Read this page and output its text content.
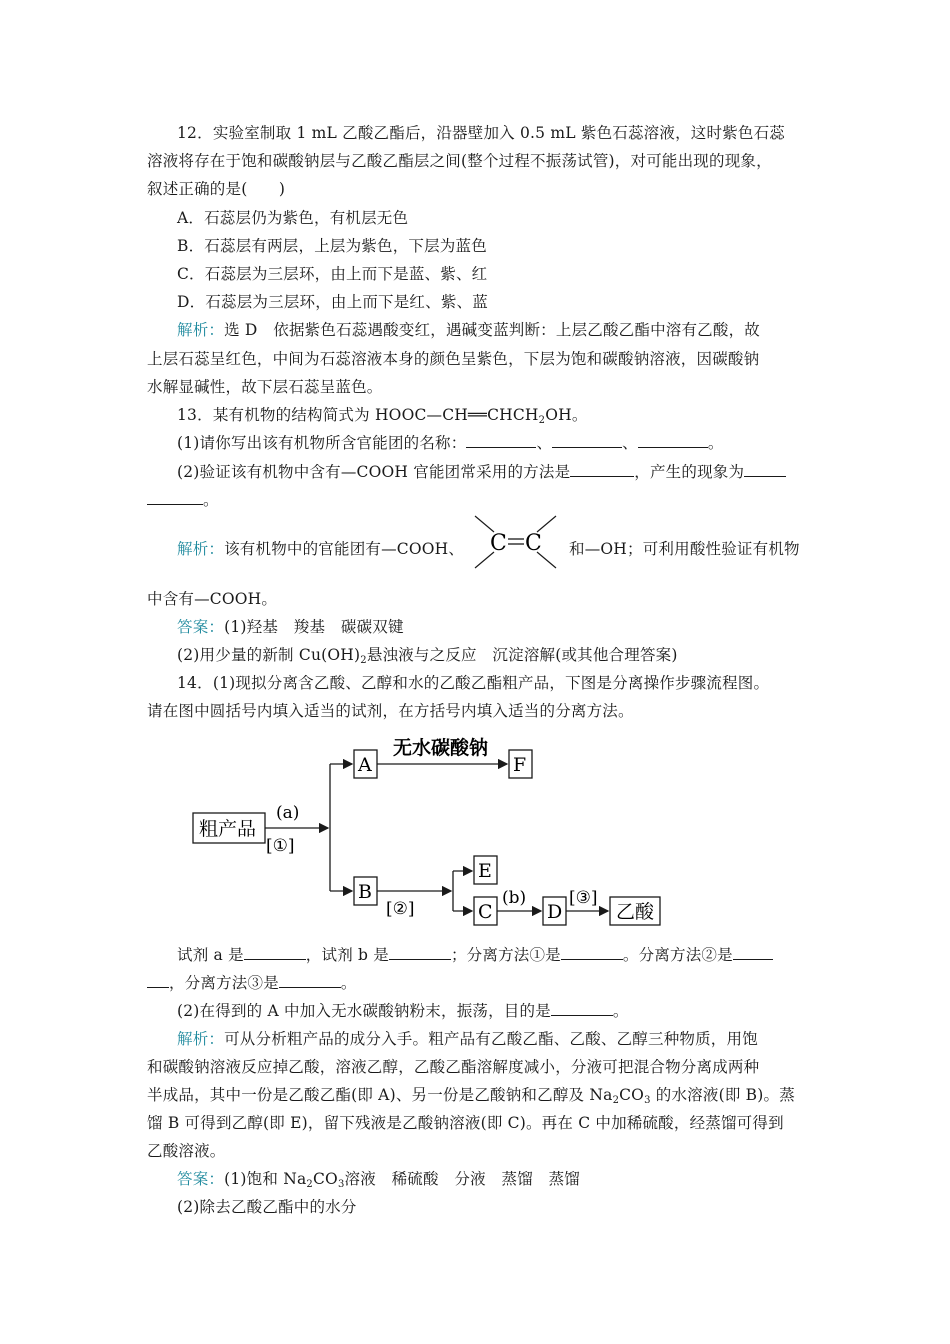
12．实验室制取 1 mL 乙酸乙酯后，沿器壁加入 0.5 mL 紫色石蕊溶液，这时紫色石蕊
溶液将存在于饱和碳酸钠层与乙酸乙酯层之间(整个过程不振荡试管)，对可能出现的现象，
叙述正确的是(　　)
A．石蕊层仍为紫色，有机层无色
B．石蕊层有两层，上层为紫色，下层为蓝色
C．石蕊层为三层环，由上而下是蓝、紫、红
D．石蕊层为三层环，由上而下是红、紫、蓝
解析：选 D　依据紫色石蕊遇酸变红，遇碱变蓝判断：上层乙酸乙酯中溶有乙酸，故
上层石蕊呈红色，中间为石蕊溶液本身的颜色呈紫色，下层为饱和碳酸钠溶液，因碳酸钠
水解显碱性，故下层石蕊呈蓝色。
13．某有机物的结构简式为 $HOOC—CH══CHCH_2OH$。
(1)请你写出该有机物所含官能团的名称：	、	、	。
(2)验证该有机物中含有—COOH 官能团常采用的方法是	，产生的现象为
。
解析：该有机物中的官能团有—COOH、 C C 和—OH；可利用酸性验证有机物
中含有—COOH。
答案：(1)羟基　羧基　碳碳双键
(2)用少量的新制 $Cu(OH)_2$悬浊液与之反应　沉淀溶解(或其他合理答案)
14．(1)现拟分离含乙酸、乙醇和水的乙酸乙酯粗产品，下图是分离操作步骤流程图。
请在图中圆括号内填入适当的试剂，在方括号内填入适当的分离方法。
粗产品
(a)
[①]
A
无水碳酸钠
F
B
[②]
E
C
(b)
D
[③]
乙酸
试剂 a 是	，试剂 b 是	；分离方法①是	。分离方法②是
，分离方法③是	。
(2)在得到的 A 中加入无水碳酸钠粉末，振荡，目的是	。
解析：可从分析粗产品的成分入手。粗产品有乙酸乙酯、乙酸、乙醇三种物质，用饱
和碳酸钠溶液反应掉乙酸，溶液乙醇，乙酸乙酯溶解度减小，分液可把混合物分离成两种
半成品，其中一份是乙酸乙酯(即 A)、另一份是乙酸钠和乙醇及 $Na_2CO_3$ 的水溶液(即 B)。蒸
馏 B 可得到乙醇(即 E)，留下残液是乙酸钠溶液(即 C)。再在 C 中加稀硫酸，经蒸馏可得到
乙酸溶液。
答案：(1)饱和 $Na_2CO_3$溶液　稀硫酸　分液　蒸馏　蒸馏
(2)除去乙酸乙酯中的水分
